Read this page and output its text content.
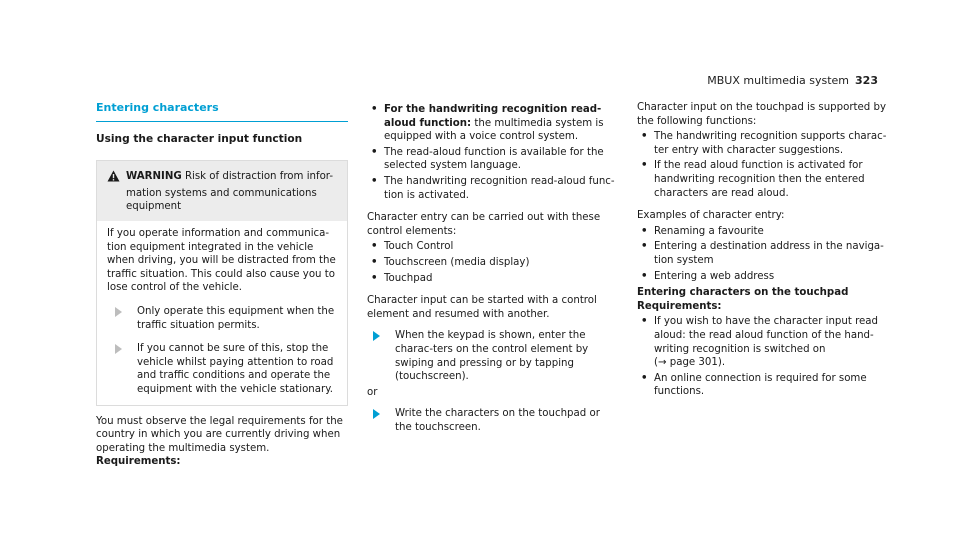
MBUX multimedia system 323
Entering characters
Using the character input function
WARNING Risk of distraction from infor-
mation systems and communications
equipment
If you operate information and communica-tion equipment integrated in the vehicle when driving, you will be distracted from the traffic situation. This could also cause you to lose control of the vehicle.
Only operate this equipment when the traffic situation permits.
If you cannot be sure of this, stop the vehicle whilst paying attention to road and traffic conditions and operate the equipment with the vehicle stationary.
You must observe the legal requirements for the country in which you are currently driving when operating the multimedia system.
Requirements:
• For the handwriting recognition read-aloud function: the multimedia system is equipped with a voice control system.
• The read-aloud function is available for the selected system language.
• The handwriting recognition read-aloud func-tion is activated.
Character entry can be carried out with these control elements:
• Touch Control
• Touchscreen (media display)
• Touchpad
Character input can be started with a control element and resumed with another.
When the keypad is shown, enter the charac-ters on the control element by swiping and pressing or by tapping (touchscreen).
or
Write the characters on the touchpad or the touchscreen.
Character input on the touchpad is supported by the following functions:
• The handwriting recognition supports charac-ter entry with character suggestions.
• If the read aloud function is activated for handwriting recognition then the entered characters are read aloud.
Examples of character entry:
• Renaming a favourite
• Entering a destination address in the naviga-tion system
• Entering a web address
Entering characters on the touchpad
Requirements:
• If you wish to have the character input read aloud: the read aloud function of the hand-writing recognition is switched on
(→ page 301).
• An online connection is required for some functions.
